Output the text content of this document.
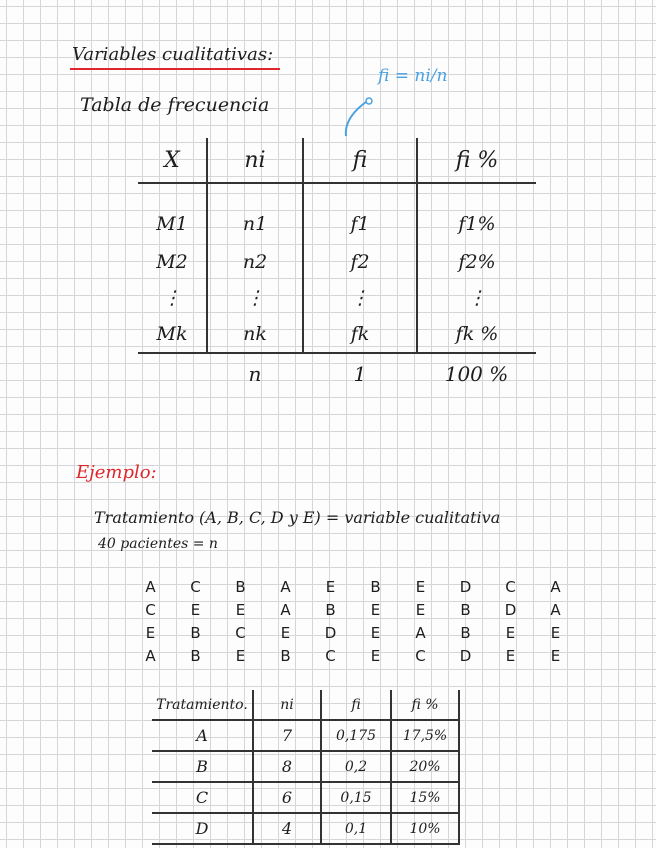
Variables cualitativas:
Tabla de frecuencia
fi = ni/n
X	ni	fi	fi %
M1	n1	f1	f1%
M2	n2	f2	f2%
⋮	⋮	⋮	⋮
Mk	nk	fk	fk %
	n	1	100 %
Ejemplo:
Tratamiento (A, B, C, D y E) = variable cualitativa
40 pacientes = n
A	C	B	A	E	B	E	D	C	A
C	E	E	A	B	E	E	B	D	A
E	B	C	E	D	E	A	B	E	E
A	B	E	B	C	E	C	D	E	E
Tratamiento.	ni	fi	fi %
A	7	0,175	17,5%
B	8	0,2	20%
C	6	0,15	15%
D	4	0,1	10%
